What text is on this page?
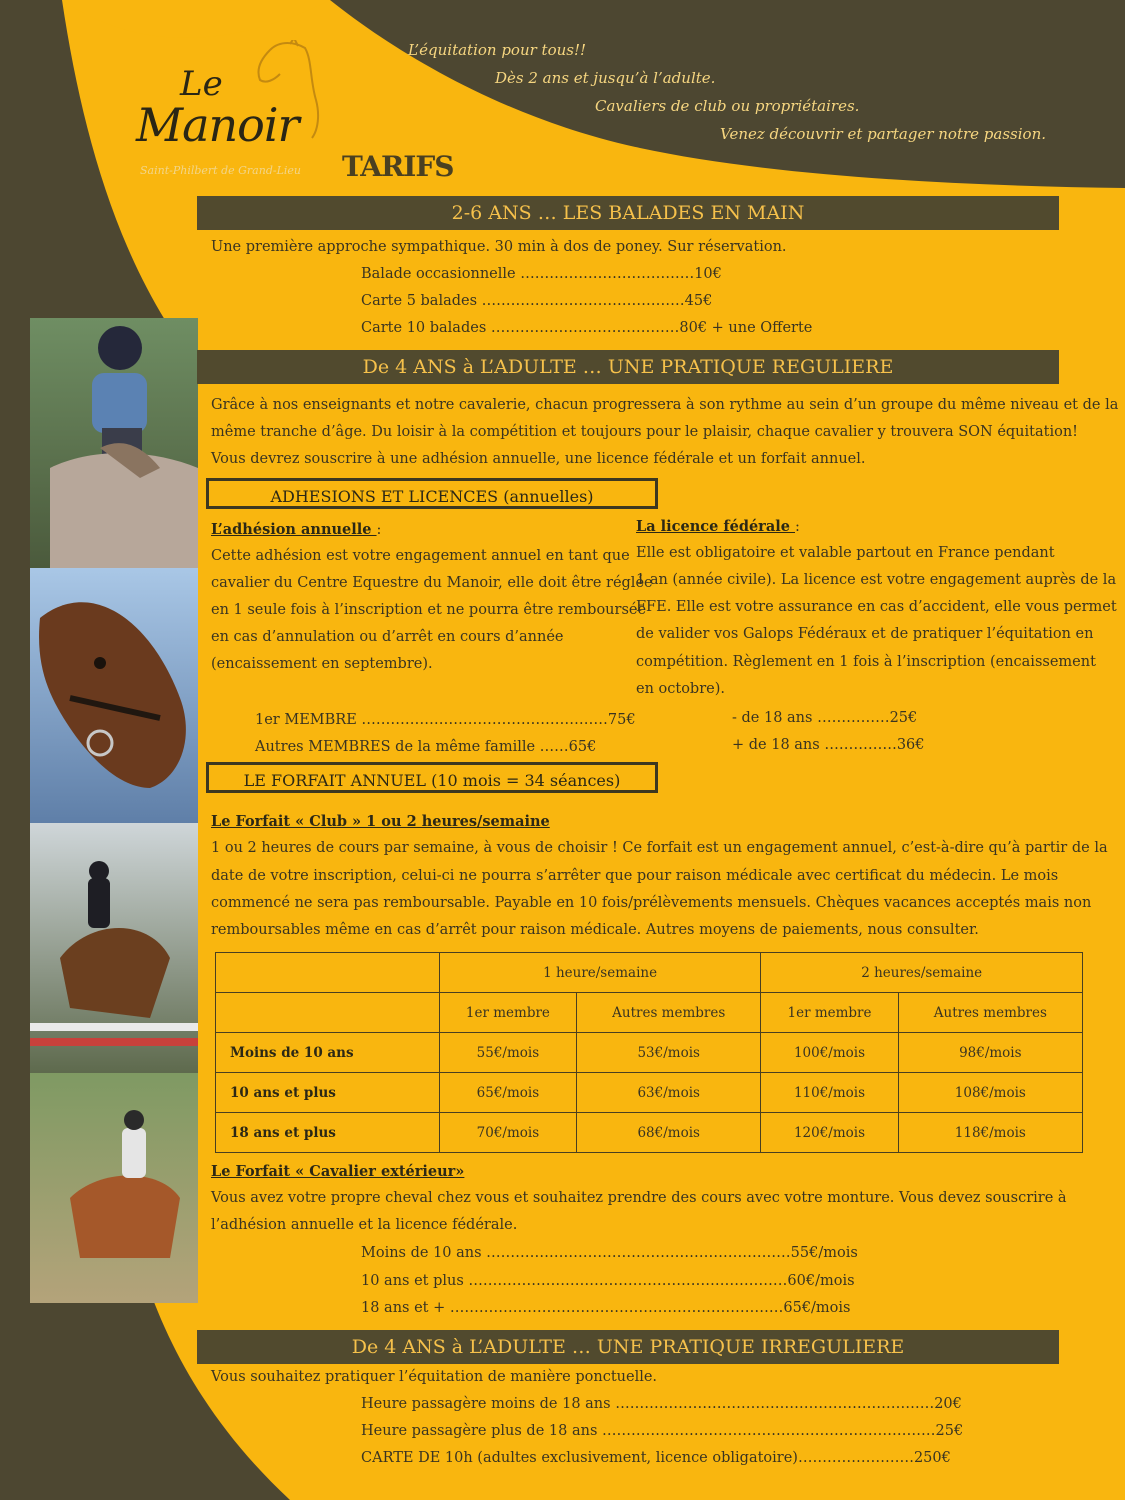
L’équitation pour tous!!
Dès 2 ans et jusqu’à l’adulte.
Cavaliers de club ou propriétaires.
Venez découvrir et partager notre passion.
Le
Manoir
Saint-Philbert de Grand-Lieu TARIFS
2-6 ANS … LES BALADES EN MAIN
Une première approche sympathique. 30 min à dos de poney. Sur réservation.
Balade occasionnelle ………………………………10€
Carte 5 balades ……………………………………45€
Carte 10 balades …………………………………80€ + une Offerte
De 4 ANS à L’ADULTE … UNE PRATIQUE REGULIERE
Grâce à nos enseignants et notre cavalerie, chacun progressera à son rythme au sein d’un groupe du même niveau et de la
même tranche d’âge. Du loisir à la compétition et toujours pour le plaisir, chaque cavalier y trouvera SON équitation!
Vous devrez souscrire à une adhésion annuelle, une licence fédérale et un forfait annuel.
ADHESIONS ET LICENCES (annuelles)
L’adhésion annuelle :
Cette adhésion est votre engagement annuel en tant que
cavalier du Centre Equestre du Manoir, elle doit être réglée
en 1 seule fois à l’inscription et ne pourra être remboursée
en cas d’annulation ou d’arrêt en cours d’année
(encaissement en septembre).
1er MEMBRE ……………………………………………75€
Autres MEMBRES de la même famille ……65€
La licence fédérale :
Elle est obligatoire et valable partout en France pendant
1 an (année civile). La licence est votre engagement auprès de la
FFE. Elle est votre assurance en cas d’accident, elle vous permet
de valider vos Galops Fédéraux et de pratiquer l’équitation en
compétition. Règlement en 1 fois à l’inscription (encaissement
en octobre).
- de 18 ans ……………25€
+ de 18 ans ……………36€
LE FORFAIT ANNUEL (10 mois = 34 séances)
Le Forfait « Club » 1 ou 2 heures/semaine
1 ou 2 heures de cours par semaine, à vous de choisir ! Ce forfait est un engagement annuel, c’est-à-dire qu’à partir de la
date de votre inscription, celui-ci ne pourra s’arrêter que pour raison médicale avec certificat du médecin. Le mois
commencé ne sera pas remboursable. Payable en 10 fois/prélèvements mensuels. Chèques vacances acceptés mais non
remboursables même en cas d’arrêt pour raison médicale. Autres moyens de paiements, nous consulter.
	1 heure/semaine		2 heures/semaine	
	1er membre	Autres membres	1er membre	Autres membres
Moins de 10 ans	55€/mois	53€/mois	100€/mois	98€/mois
10 ans et plus	65€/mois	63€/mois	110€/mois	108€/mois
18 ans et plus	70€/mois	68€/mois	120€/mois	118€/mois
Le Forfait « Cavalier extérieur»
Vous avez votre propre cheval chez vous et souhaitez prendre des cours avec votre monture. Vous devez souscrire à
l’adhésion annuelle et la licence fédérale.
Moins de 10 ans ………………………………………………………55€/mois
10 ans et plus …………………………………………………………60€/mois
18 ans et + ……………………………………………………………65€/mois
De 4 ANS à L’ADULTE … UNE PRATIQUE IRREGULIERE
Vous souhaitez pratiquer l’équitation de manière ponctuelle.
Heure passagère moins de 18 ans …………………………………………………………20€
Heure passagère plus de 18 ans ……………………………………………………………25€
CARTE DE 10h (adultes exclusivement, licence obligatoire)……………………250€
